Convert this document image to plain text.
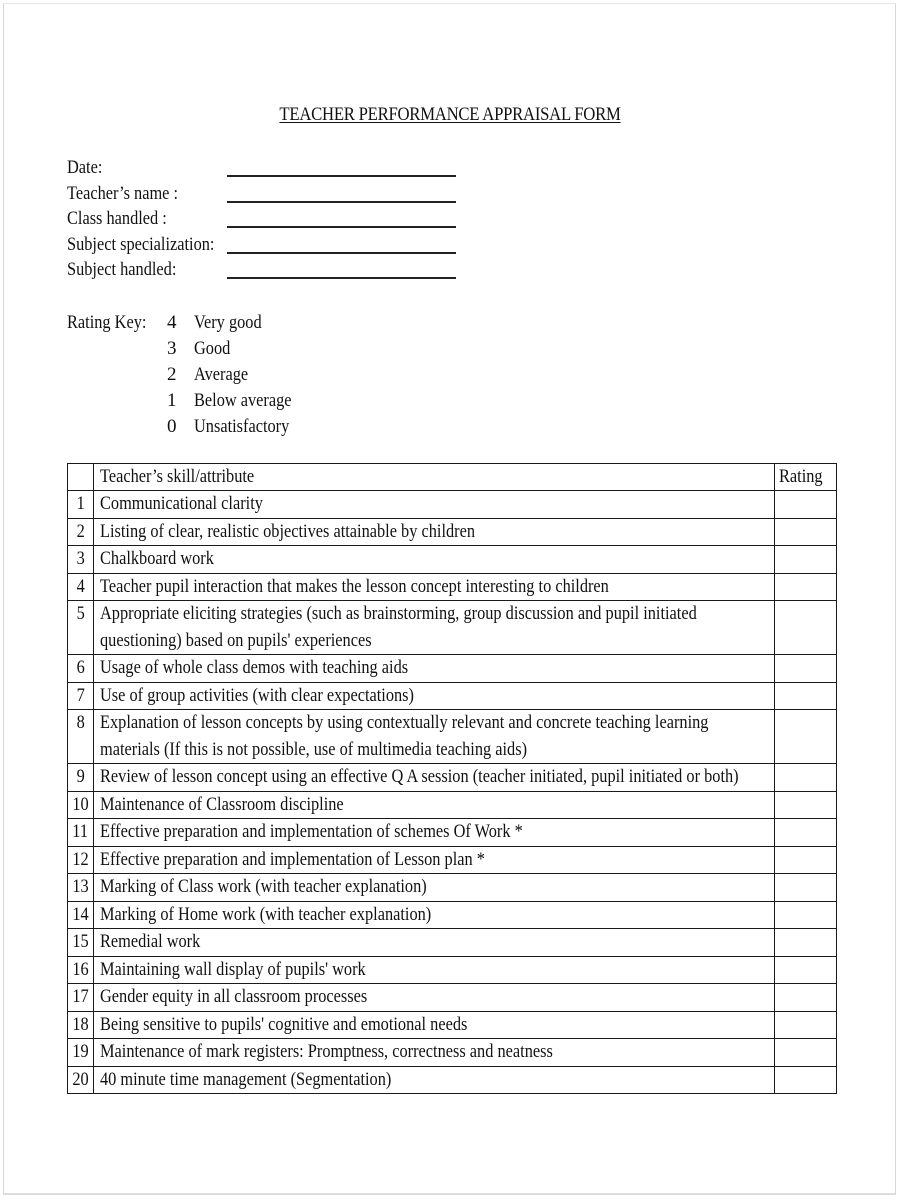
TEACHER PERFORMANCE APPRAISAL FORM
Date:
Teacher’s name :
Class handled :
Subject specialization:
Subject handled:
Rating Key: 4 Very good
3 Good
2 Average
1 Below average
0 Unsatisfactory

	Teacher’s skill/attribute	Rating
1	Communicational clarity	

2	Listing of clear, realistic objectives attainable by children	

3	Chalkboard work	

4	Teacher pupil interaction that makes the lesson concept interesting to children	

5	Appropriate eliciting strategies (such as brainstorming, group discussion and pupil initiated questioning) based on pupils' experiences	

6	Usage of whole class demos with teaching aids	

7	Use of group activities (with clear expectations)	

8	Explanation of lesson concepts by using contextually relevant and concrete teaching learning materials (If this is not possible, use of multimedia teaching aids)	

9	Review of lesson concept using an effective Q A session (teacher initiated, pupil initiated or both)	

10	Maintenance of Classroom discipline	

11	Effective preparation and implementation of schemes Of Work *	

12	Effective preparation and implementation of Lesson plan *	

13	Marking of Class work (with teacher explanation)	

14	Marking of Home work (with teacher explanation)	

15	Remedial work	

16	Maintaining wall display of pupils' work	

17	Gender equity in all classroom processes	

18	Being sensitive to pupils' cognitive and emotional needs	

19	Maintenance of mark registers: Promptness, correctness and neatness	

20	40 minute time management (Segmentation)	
